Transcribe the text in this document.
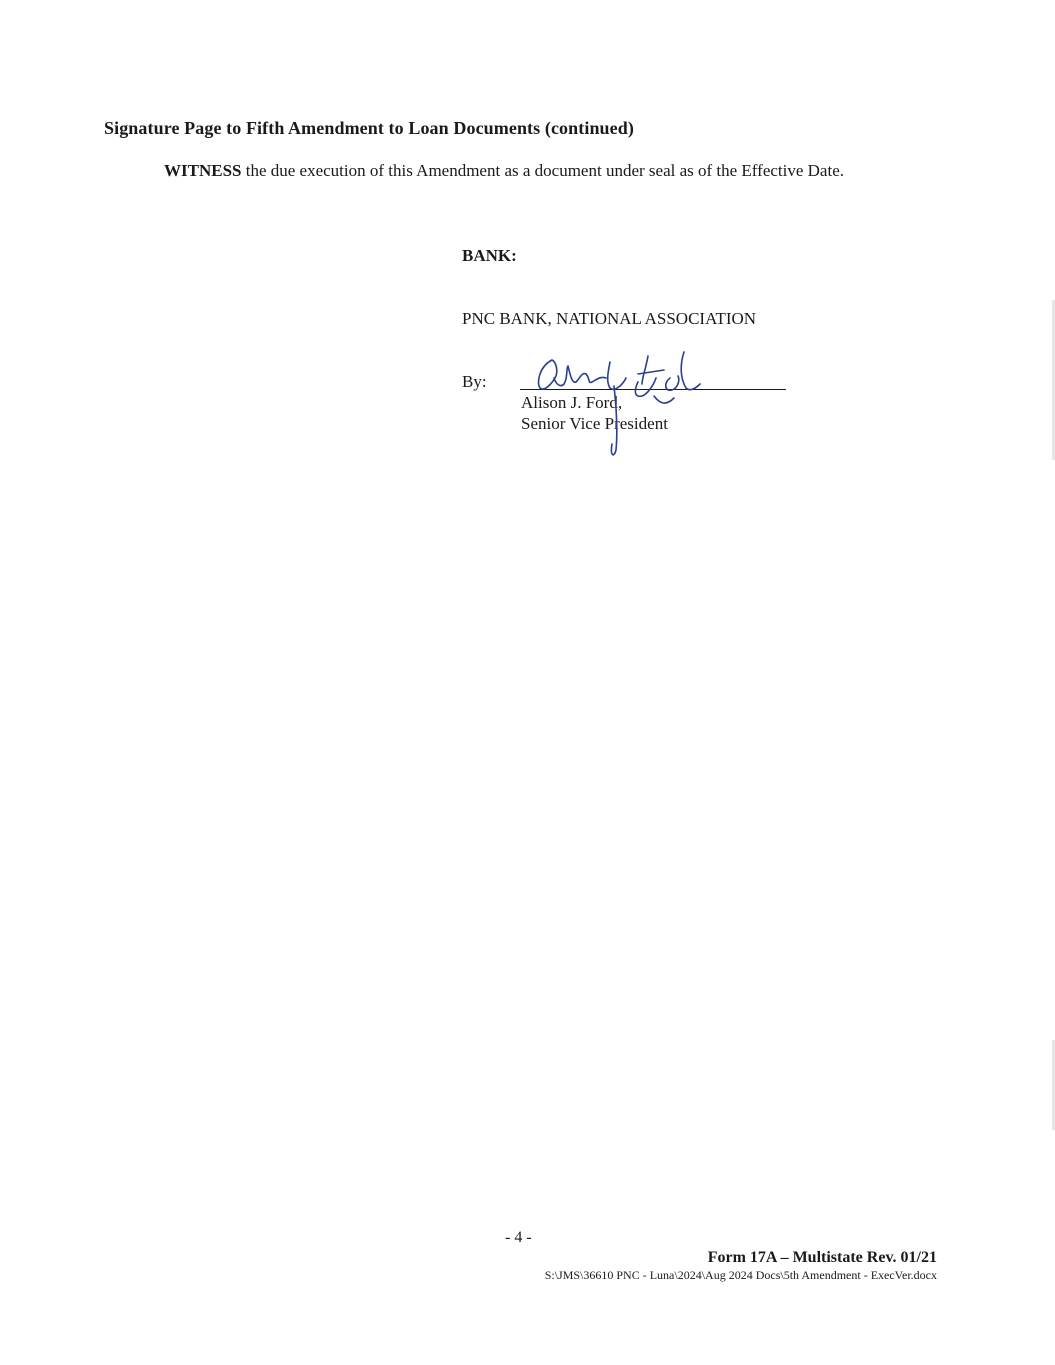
Signature Page to Fifth Amendment to Loan Documents (continued)
WITNESS the due execution of this Amendment as a document under seal as of the Effective Date.
BANK:
PNC BANK, NATIONAL ASSOCIATION
By:
Alison J. Ford,
Senior Vice President
- 4 -
Form 17A – Multistate Rev. 01/21
S:\JMS\36610 PNC - Luna\2024\Aug 2024 Docs\5th Amendment - ExecVer.docx
